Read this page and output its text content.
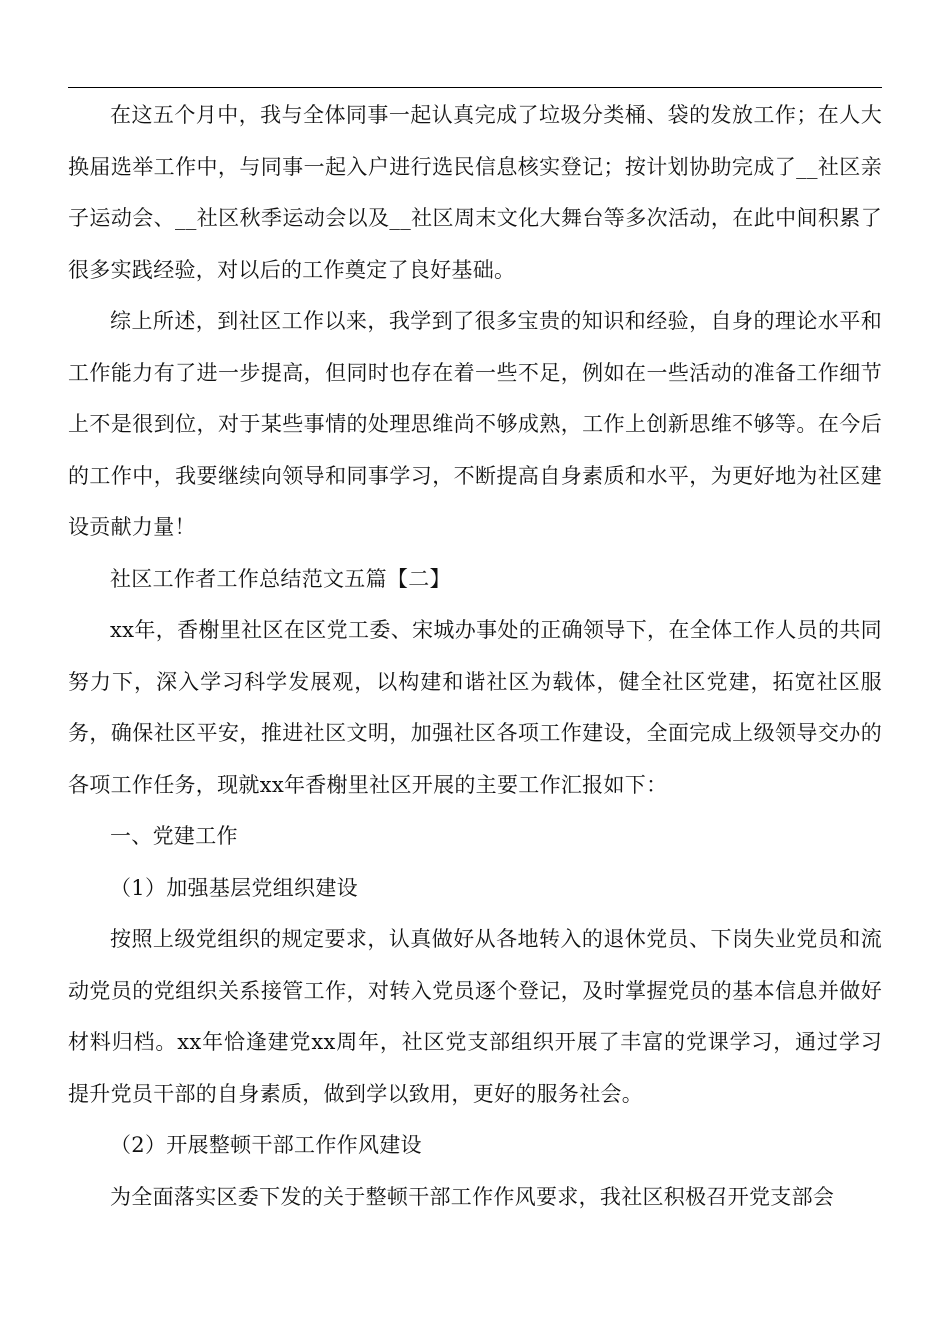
在这五个月中，我与全体同事一起认真完成了垃圾分类桶、袋的发放工作；在人大换届选举工作中，与同事一起入户进行选民信息核实登记；按计划协助完成了__社区亲子运动会、__社区秋季运动会以及__社区周末文化大舞台等多次活动，在此中间积累了很多实践经验，对以后的工作奠定了良好基础。

综上所述，到社区工作以来，我学到了很多宝贵的知识和经验，自身的理论水平和工作能力有了进一步提高，但同时也存在着一些不足，例如在一些活动的准备工作细节上不是很到位，对于某些事情的处理思维尚不够成熟，工作上创新思维不够等。在今后的工作中，我要继续向领导和同事学习，不断提高自身素质和水平，为更好地为社区建设贡献力量！

社区工作者工作总结范文五篇【二】

xx年，香榭里社区在区党工委、宋城办事处的正确领导下，在全体工作人员的共同努力下，深入学习科学发展观，以构建和谐社区为载体，健全社区党建，拓宽社区服务，确保社区平安，推进社区文明，加强社区各项工作建设，全面完成上级领导交办的各项工作任务，现就xx年香榭里社区开展的主要工作汇报如下：

一、党建工作

（1）加强基层党组织建设

按照上级党组织的规定要求，认真做好从各地转入的退休党员、下岗失业党员和流动党员的党组织关系接管工作，对转入党员逐个登记，及时掌握党员的基本信息并做好材料归档。xx年恰逢建党xx周年，社区党支部组织开展了丰富的党课学习，通过学习提升党员干部的自身素质，做到学以致用，更好的服务社会。

（2）开展整顿干部工作作风建设

为全面落实区委下发的关于整顿干部工作作风要求，我社区积极召开党支部会
